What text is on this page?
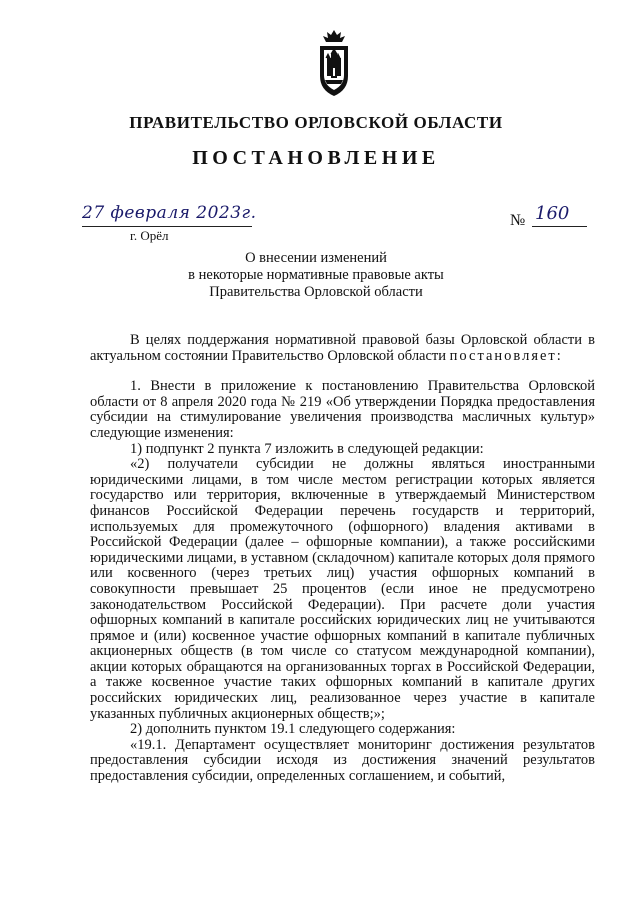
ПРАВИТЕЛЬСТВО ОРЛОВСКОЙ ОБЛАСТИ
ПОСТАНОВЛЕНИЕ
27 февраля 2023г.
г. Орёл
№ 160
О внесении изменений
в некоторые нормативные правовые акты
Правительства Орловской области

В целях поддержания нормативной правовой базы Орловской области в актуальном состоянии Правительство Орловской области постановляет:

1. Внести в приложение к постановлению Правительства Орловской области от 8 апреля 2020 года № 219 «Об утверждении Порядка предоставления субсидии на стимулирование увеличения производства масличных культур» следующие изменения:

1) подпункт 2 пункта 7 изложить в следующей редакции:

«2) получатели субсидии не должны являться иностранными юридическими лицами, в том числе местом регистрации которых является государство или территория, включенные в утверждаемый Министерством финансов Российской Федерации перечень государств и территорий, используемых для промежуточного (офшорного) владения активами в Российской Федерации (далее – офшорные компании), а также российскими юридическими лицами, в уставном (складочном) капитале которых доля прямого или косвенного (через третьих лиц) участия офшорных компаний в совокупности превышает 25 процентов (если иное не предусмотрено законодательством Российской Федерации). При расчете доли участия офшорных компаний в капитале российских юридических лиц не учитываются прямое и (или) косвенное участие офшорных компаний в капитале публичных акционерных обществ (в том числе со статусом международной компании), акции которых обращаются на организованных торгах в Российской Федерации, а также косвенное участие таких офшорных компаний в капитале других российских юридических лиц, реализованное через участие в капитале указанных публичных акционерных обществ;»;

2) дополнить пунктом 19.1 следующего содержания:

«19.1. Департамент осуществляет мониторинг достижения результатов предоставления субсидии исходя из достижения значений результатов предоставления субсидии, определенных соглашением, и событий,
